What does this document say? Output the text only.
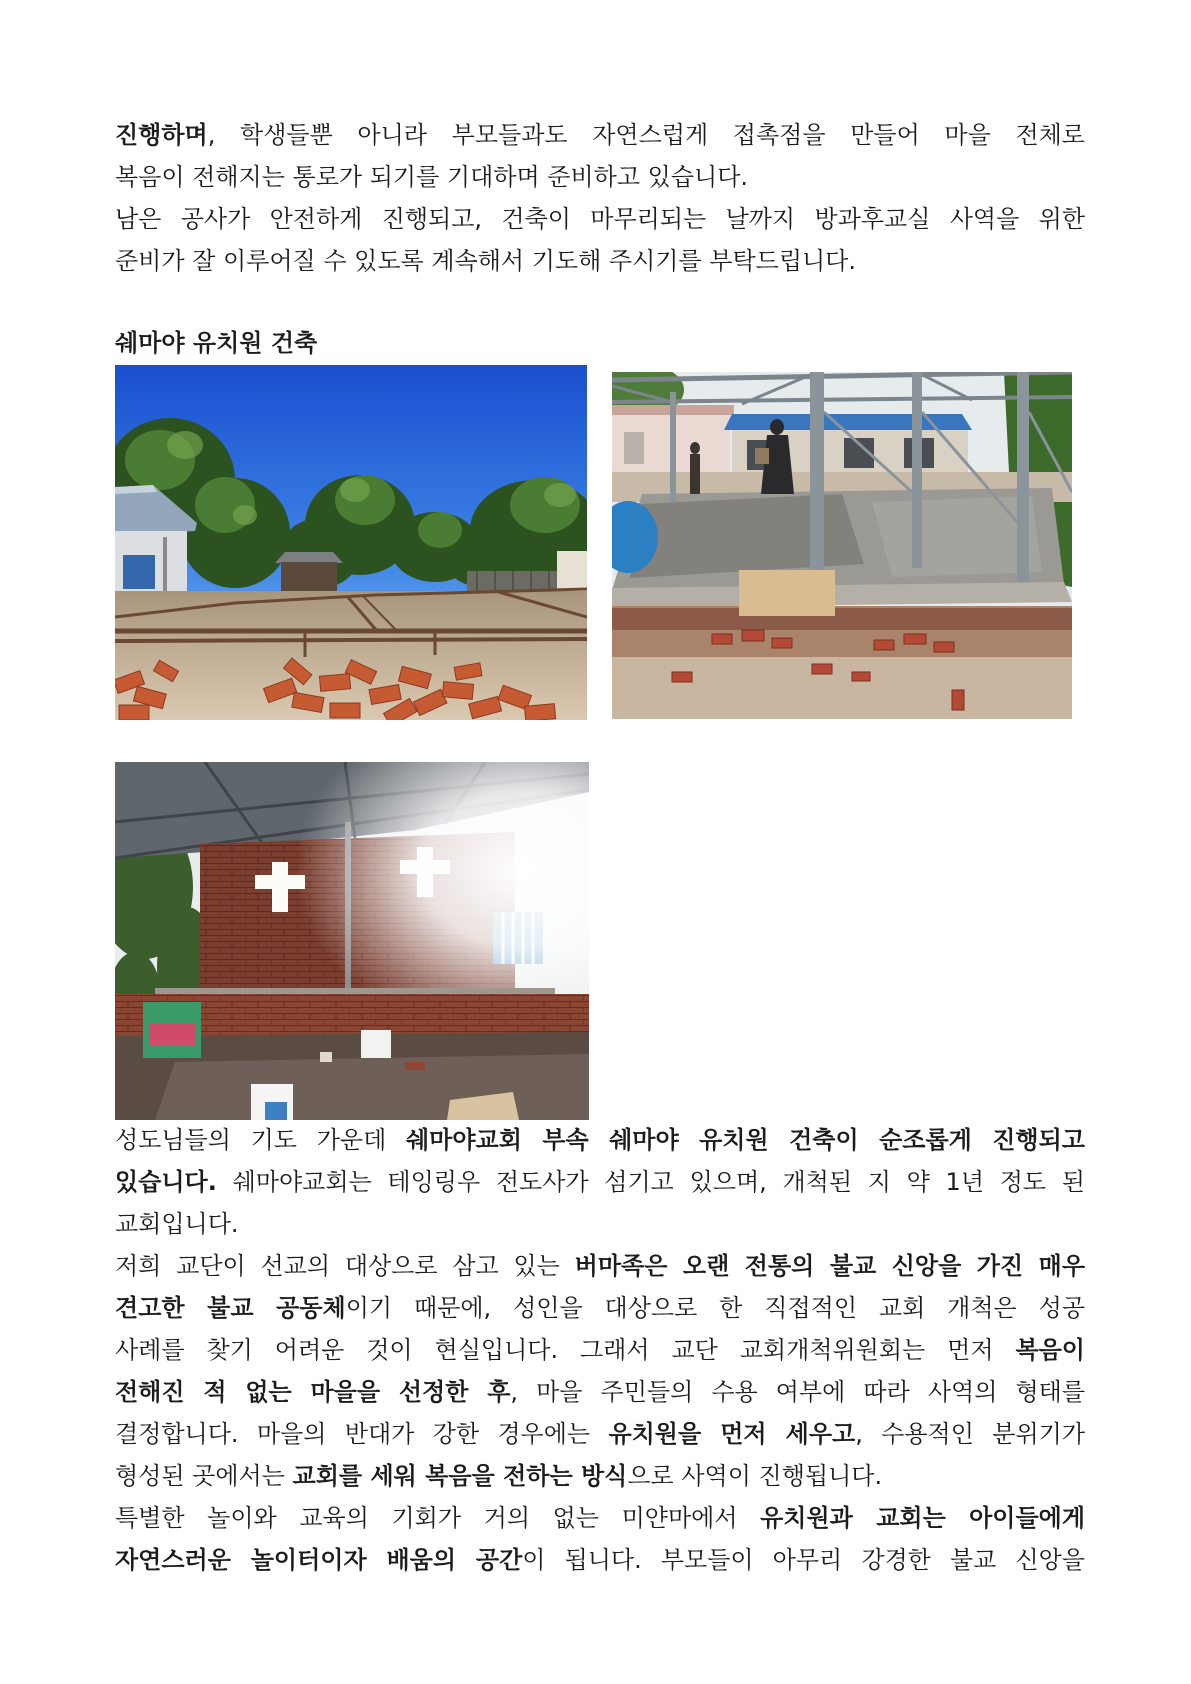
진행하며, 학생들뿐 아니라 부모들과도 자연스럽게 접촉점을 만들어 마을 전체로
복음이 전해지는 통로가 되기를 기대하며 준비하고 있습니다.
남은 공사가 안전하게 진행되고, 건축이 마무리되는 날까지 방과후교실 사역을 위한
준비가 잘 이루어질 수 있도록 계속해서 기도해 주시기를 부탁드립니다.
쉐마야 유치원 건축
성도님들의 기도 가운데 쉐마야교회 부속 쉐마야 유치원 건축이 순조롭게 진행되고
있습니다. 쉐마야교회는 테잉링우 전도사가 섬기고 있으며, 개척된 지 약 1년 정도 된
교회입니다.
저희 교단이 선교의 대상으로 삼고 있는 버마족은 오랜 전통의 불교 신앙을 가진 매우
견고한 불교 공동체이기 때문에, 성인을 대상으로 한 직접적인 교회 개척은 성공
사례를 찾기 어려운 것이 현실입니다. 그래서 교단 교회개척위원회는 먼저 복음이
전해진 적 없는 마을을 선정한 후, 마을 주민들의 수용 여부에 따라 사역의 형태를
결정합니다. 마을의 반대가 강한 경우에는 유치원을 먼저 세우고, 수용적인 분위기가
형성된 곳에서는 교회를 세워 복음을 전하는 방식으로 사역이 진행됩니다.
특별한 놀이와 교육의 기회가 거의 없는 미얀마에서 유치원과 교회는 아이들에게
자연스러운 놀이터이자 배움의 공간이 됩니다. 부모들이 아무리 강경한 불교 신앙을
